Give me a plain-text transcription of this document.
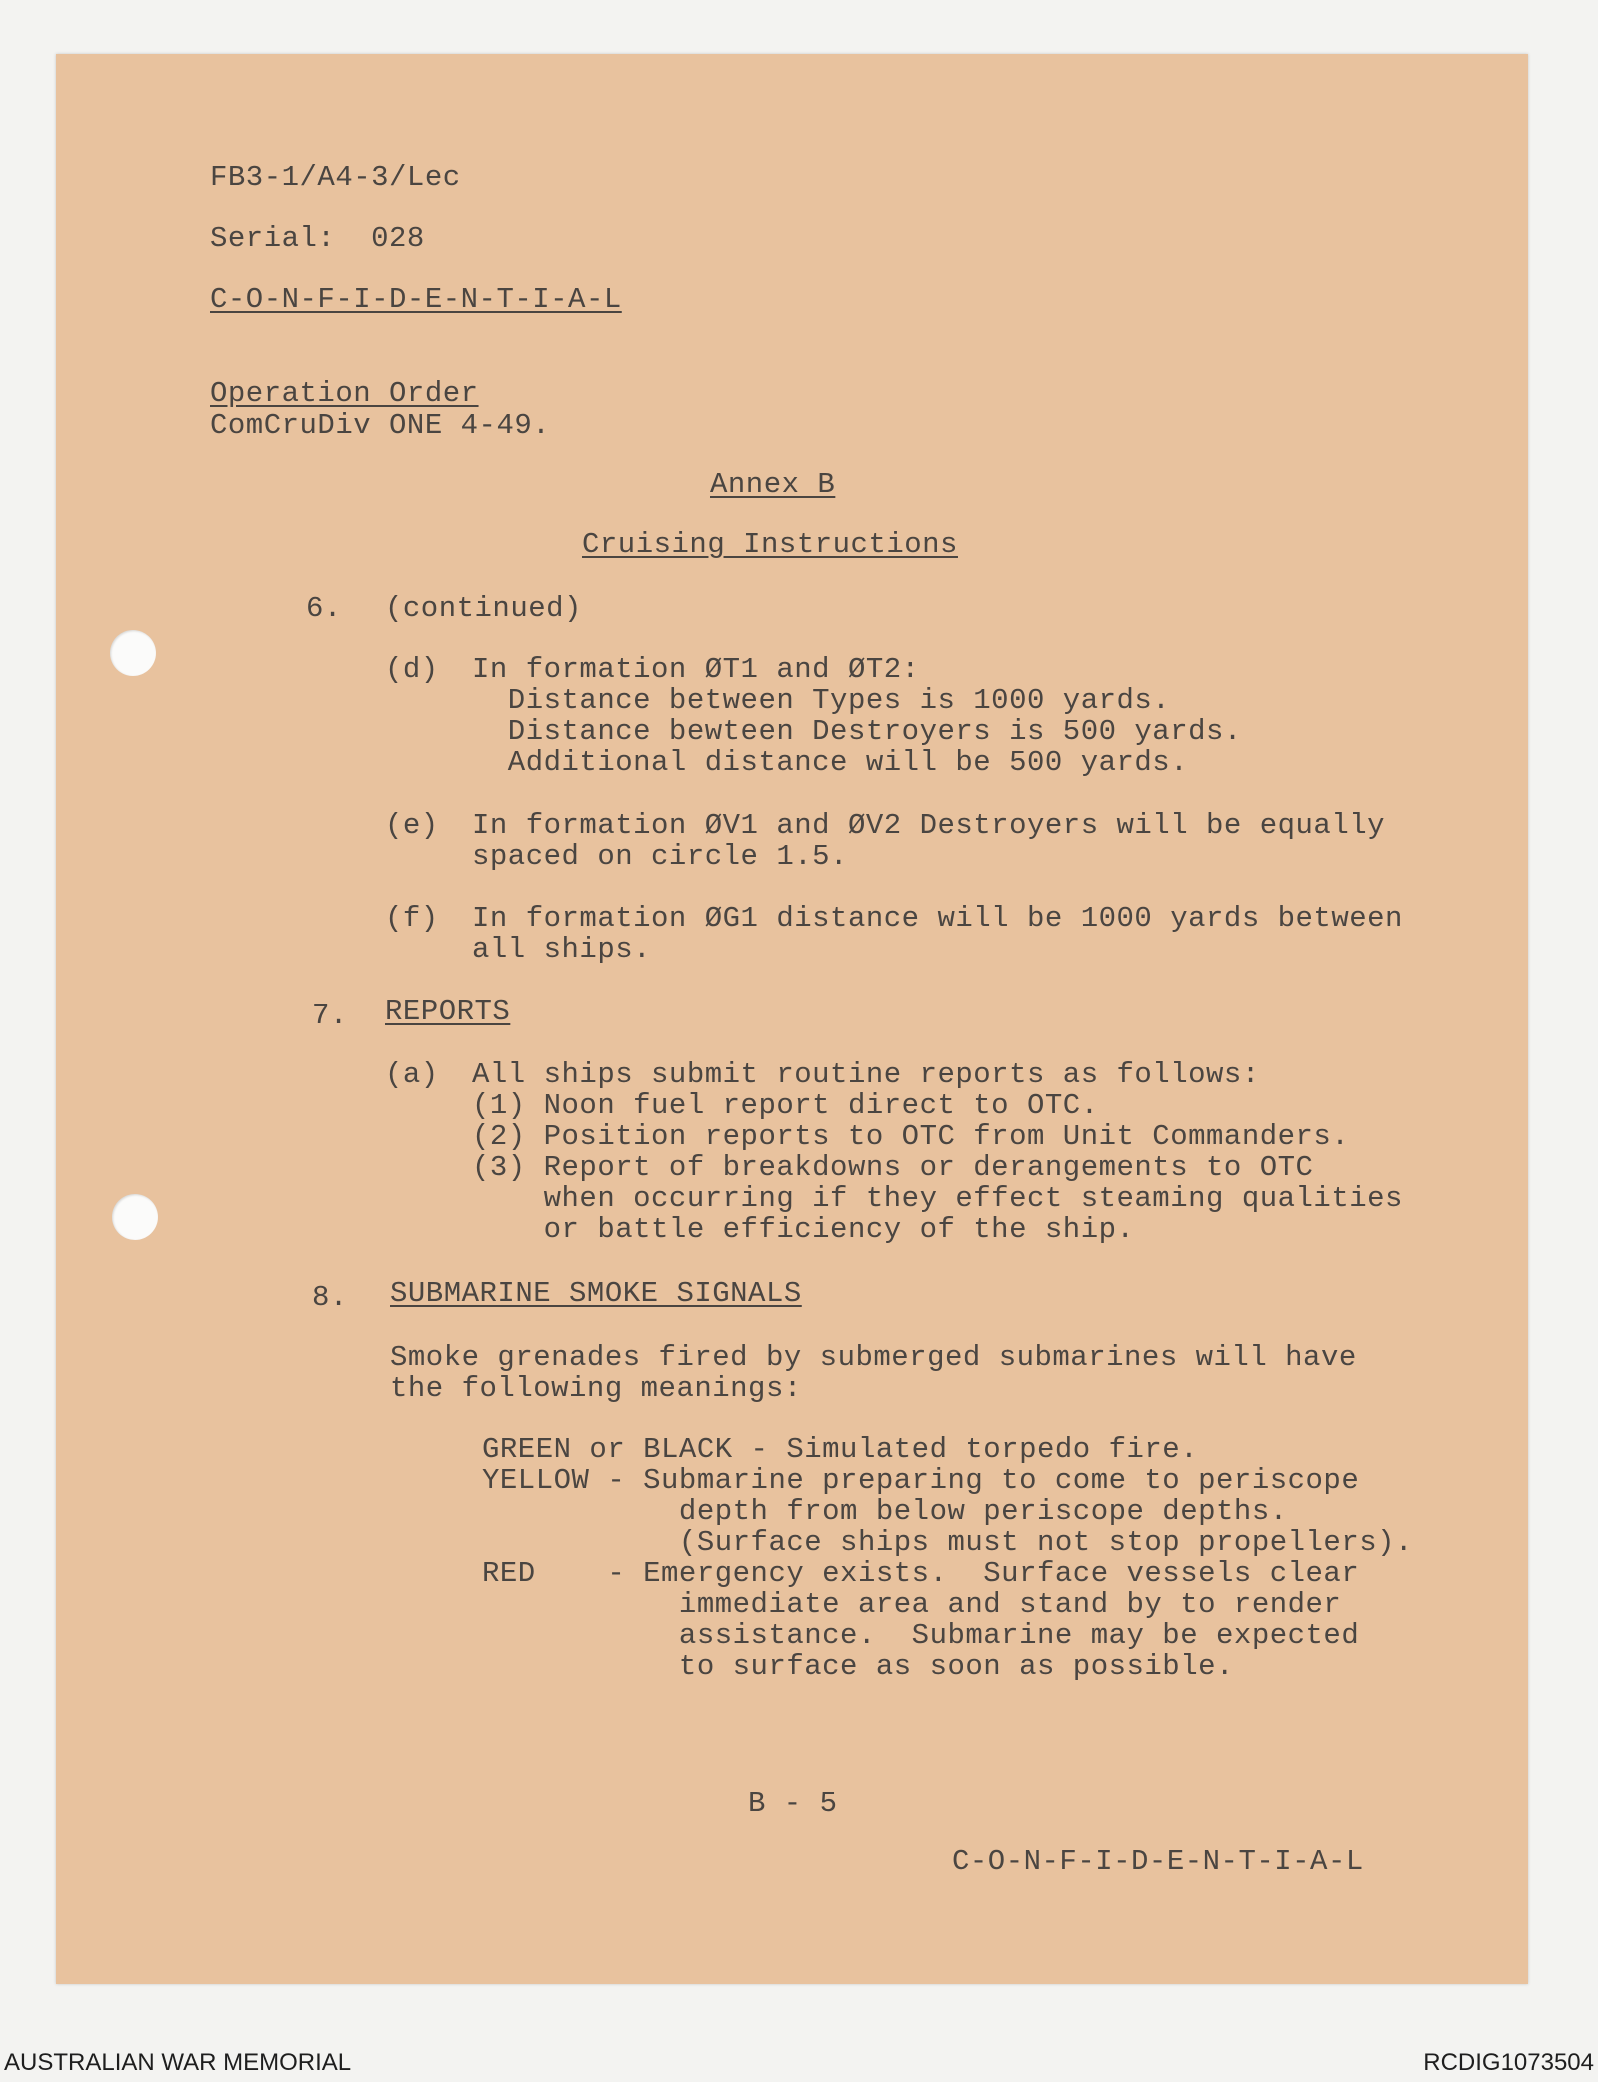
FB3-1/A4-3/Lec
Serial:  028
C-O-N-F-I-D-E-N-T-I-A-L
Operation Order
ComCruDiv ONE 4-49.
Annex B
Cruising Instructions
6. (continued)
(d) In formation ØT1 and ØT2:
Distance between Types is 1000 yards.
Distance bewteen Destroyers is 500 yards.
Additional distance will be 500 yards.
(e) In formation ØV1 and ØV2 Destroyers will be equally
spaced on circle 1.5.
(f) In formation ØG1 distance will be 1000 yards between
all ships.
7. REPORTS
(a) All ships submit routine reports as follows:
(1) Noon fuel report direct to OTC.
(2) Position reports to OTC from Unit Commanders.
(3) Report of breakdowns or derangements to OTC
when occurring if they effect steaming qualities
or battle efficiency of the ship.
8. SUBMARINE SMOKE SIGNALS
Smoke grenades fired by submerged submarines will have
the following meanings:
GREEN or BLACK - Simulated torpedo fire.
YELLOW - Submarine preparing to come to periscope
depth from below periscope depths.
(Surface ships must not stop propellers).
RED    - Emergency exists.  Surface vessels clear
immediate area and stand by to render
assistance.  Submarine may be expected
to surface as soon as possible.
B - 5
C-O-N-F-I-D-E-N-T-I-A-L
AUSTRALIAN WAR MEMORIAL	RCDIG1073504
